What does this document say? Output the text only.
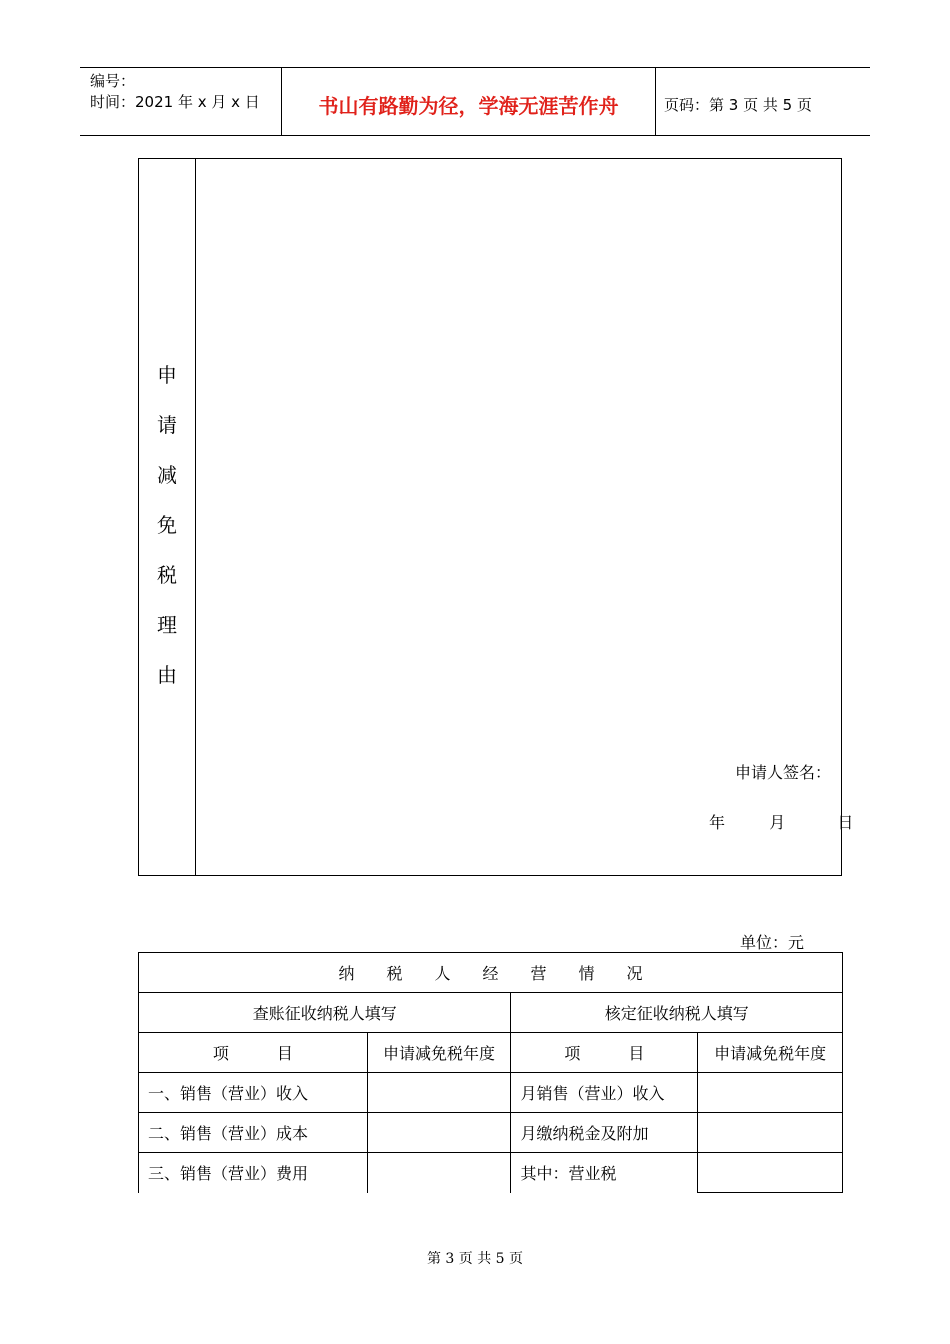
编号：
时间：2021 年 x 月 x 日	书山有路勤为径，学海无涯苦作舟	页码：第 3 页 共 5 页
申
请
减
免
税
理
由
申请人签名：
年	月	日
单位：元
纳　　税　　人　　经　　营　　情　　况			
查账征收纳税人填写		核定征收纳税人填写	
项　　　目	申请减免税年度	项　　　目	申请减免税年度
一、销售（营业）收入		月销售（营业）收入	
二、销售（营业）成本		月缴纳税金及附加	
三、销售（营业）费用		其中：营业税	
第 3 页 共 5 页
